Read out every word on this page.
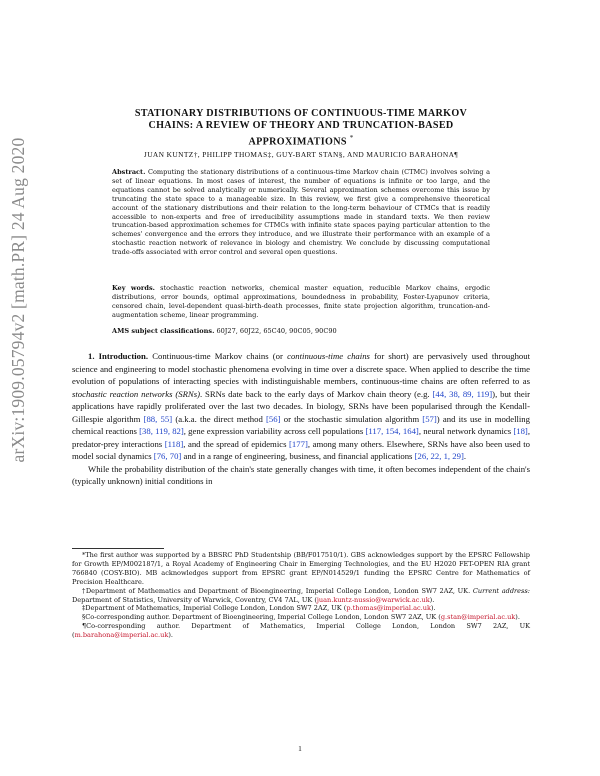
arXiv:1909.05794v2 [math.PR] 24 Aug 2020
STATIONARY DISTRIBUTIONS OF CONTINUOUS-TIME MARKOV
CHAINS: A REVIEW OF THEORY AND TRUNCATION-BASED
APPROXIMATIONS *
JUAN KUNTZ†, PHILIPP THOMAS‡, GUY-BART STAN§, AND MAURICIO BARAHONA¶
Abstract. Computing the stationary distributions of a continuous-time Markov chain (CTMC) involves solving a set of linear equations. In most cases of interest, the number of equations is infinite or too large, and the equations cannot be solved analytically or numerically. Several approximation schemes overcome this issue by truncating the state space to a manageable size. In this review, we first give a comprehensive theoretical account of the stationary distributions and their relation to the long-term behaviour of CTMCs that is readily accessible to non-experts and free of irreducibility assumptions made in standard texts. We then review truncation-based approximation schemes for CTMCs with infinite state spaces paying particular attention to the schemes' convergence and the errors they introduce, and we illustrate their performance with an example of a stochastic reaction network of relevance in biology and chemistry. We conclude by discussing computational trade-offs associated with error control and several open questions.
Key words. stochastic reaction networks, chemical master equation, reducible Markov chains, ergodic distributions, error bounds, optimal approximations, boundedness in probability, Foster-Lyapunov criteria, censored chain, level-dependent quasi-birth-death processes, finite state projection algorithm, truncation-and-augmentation scheme, linear programming.
AMS subject classifications. 60J27, 60J22, 65C40, 90C05, 90C90

1. Introduction. Continuous-time Markov chains (or continuous-time chains for short) are pervasively used throughout science and engineering to model stochastic phenomena evolving in time over a discrete space. When applied to describe the time evolution of populations of interacting species with indistinguishable members, continuous-time chains are often referred to as stochastic reaction networks (SRNs). SRNs date back to the early days of Markov chain theory (e.g. [44, 38, 89, 119]), but their applications have rapidly proliferated over the last two decades. In biology, SRNs have been popularised through the Kendall-Gillespie algorithm [88, 55] (a.k.a. the direct method [56] or the stochastic simulation algorithm [57]) and its use in modelling chemical reactions [38, 119, 82], gene expression variability across cell populations [117, 154, 164], neural network dynamics [18], predator-prey interactions [118], and the spread of epidemics [177], among many others. Elsewhere, SRNs have also been used to model social dynamics [76, 70] and in a range of engineering, business, and financial applications [26, 22, 1, 29].

While the probability distribution of the chain's state generally changes with time, it often becomes independent of the chain's (typically unknown) initial conditions in

*The first author was supported by a BBSRC PhD Studentship (BB/F017510/1). GBS acknowledges support by the EPSRC Fellowship for Growth EP/M002187/1, a Royal Academy of Engineering Chair in Emerging Technologies, and the EU H2020 FET-OPEN RIA grant 766840 (COSY-BIO). MB acknowledges support from EPSRC grant EP/N014529/1 funding the EPSRC Centre for Mathematics of Precision Healthcare.

†Department of Mathematics and Department of Bioengineering, Imperial College London, London SW7 2AZ, UK. Current address: Department of Statistics, University of Warwick, Coventry, CV4 7AL, UK (juan.kuntz-nussio@warwick.ac.uk).

‡Department of Mathematics, Imperial College London, London SW7 2AZ, UK (p.thomas@imperial.ac.uk).

§Co-corresponding author. Department of Bioengineering, Imperial College London, London SW7 2AZ, UK (g.stan@imperial.ac.uk).

¶Co-corresponding author. Department of Mathematics, Imperial College London, London SW7 2AZ, UK (m.barahona@imperial.ac.uk).

1
